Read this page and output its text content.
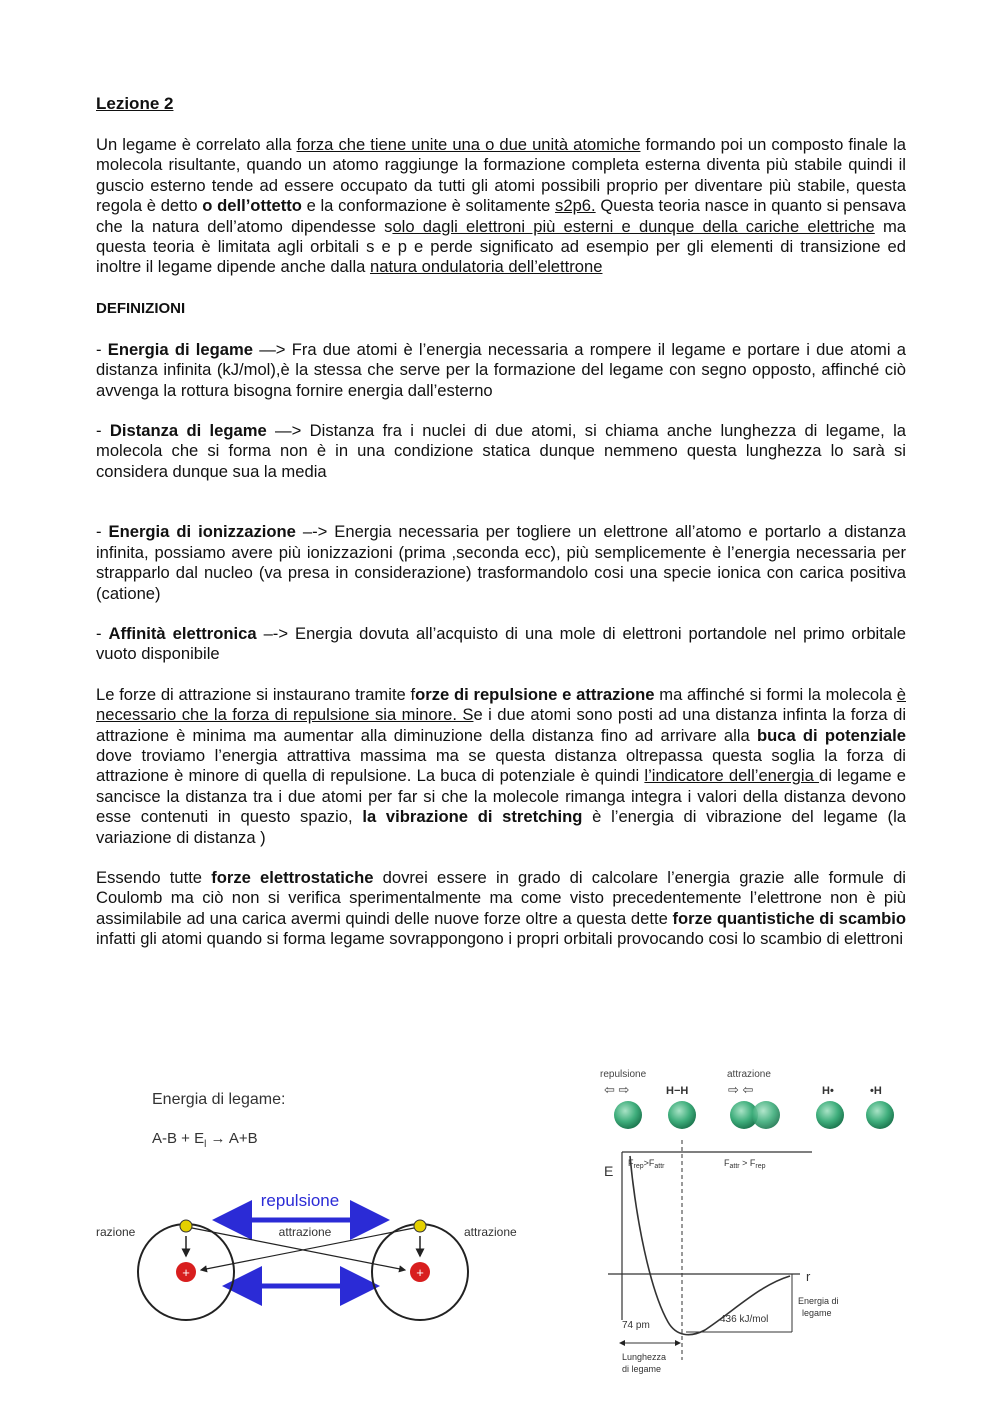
Lezione 2

Un legame è correlato alla forza che tiene unite una o due unità atomiche formando poi un composto finale la molecola risultante, quando un atomo raggiunge la formazione completa esterna diventa più stabile quindi il guscio esterno tende ad essere occupato da tutti gli atomi possibili proprio per diventare più stabile, questa regola è detto o dell’ottetto e la conformazione è solitamente s2p6. Questa teoria nasce in quanto si pensava che la natura dell’atomo dipendesse solo dagli elettroni più esterni e dunque della cariche elettriche ma questa teoria è limitata agli orbitali s e p e perde significato ad esempio per gli elementi di transizione ed inoltre il legame dipende anche dalla natura ondulatoria dell’elettrone

DEFINIZIONI

- Energia di legame —> Fra due atomi è l’energia necessaria a rompere il legame e portare i due atomi a distanza infinita (kJ/mol),è la stessa che serve per la formazione del legame con segno opposto, affinché ciò avvenga la rottura bisogna fornire energia dall’esterno

- Distanza di legame —> Distanza fra i nuclei di due atomi, si chiama anche lunghezza di legame, la molecola che si forma non è in una condizione statica dunque nemmeno questa lunghezza lo sarà si considera dunque sua la media

- Energia di ionizzazione –-> Energia necessaria per togliere un elettrone all’atomo e portarlo a distanza infinita, possiamo avere più ionizzazioni (prima ,seconda ecc), più semplicemente è l’energia necessaria per strapparlo dal nucleo (va presa in considerazione) trasformandolo cosi una specie ionica con carica positiva (catione)

- Affinità elettronica –-> Energia dovuta all’acquisto di una mole di elettroni portandole nel primo orbitale vuoto disponibile

Le forze di attrazione si instaurano tramite forze di repulsione e attrazione ma affinché si formi la molecola è necessario che la forza di repulsione sia minore. Se i due atomi sono posti ad una distanza infinta la forza di attrazione è minima ma aumentar alla diminuzione della distanza fino ad arrivare alla buca di potenziale dove troviamo l’energia attrattiva massima ma se questa distanza oltrepassa questa soglia la forza di attrazione è minore di quella di repulsione. La buca di potenziale è quindi l’indicatore dell’energia di legame e sancisce la distanza tra i due atomi per far si che la molecole rimanga integra i valori della distanza devono esse contenuti in questo spazio, la vibrazione di stretching è l’energia di vibrazione del legame (la variazione di distanza )

Essendo tutte forze elettrostatiche dovrei essere in grado di calcolare l’energia grazie alle formule di Coulomb ma ciò non si verifica sperimentalmente ma come visto precedentemente l’elettrone non è più assimilabile ad una carica avermi quindi delle nuove forze oltre a questa dette forze quantistiche di scambio infatti gli atomi quando si forma legame sovrappongono i propri orbitali provocando cosi lo scambio di elettroni

Energia di legame:
$A-B + E_l \to A+B$
repulsione
+	+
attrazione
razione	attrazione
repulsione
⇦ ⇨	H−H
attrazione
⇨ ⇦	H•	•H
E
r
$F_{rep}>F_{attr}$	$F_{attr} > F_{rep}$
436 kJ/mol
74 pm
Energia di
legame
Lunghezza
di legame
